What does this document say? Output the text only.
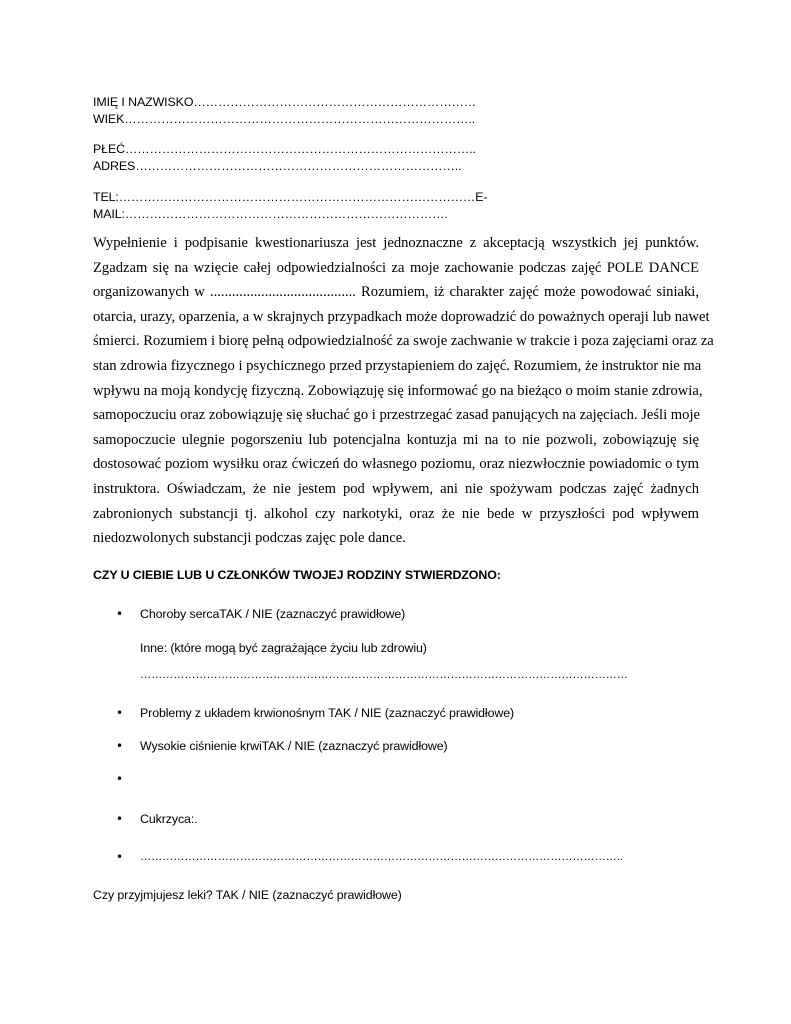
IMIĘ I NAZWISKO……………………………………………………………
WIEK…………………………………………………………………………..
PŁEĆ…………………………………………………………………………..
ADRES……………………………………………………………………..
TEL:……………………………………………………………………………E-
MAIL:…………………………………………………………………….
Wypełnienie i podpisanie kwestionariusza jest jednoznaczne z akceptacją wszystkich jej punktów.
Zgadzam się na wzięcie całej odpowiedzialności za moje zachowanie podczas zajęć POLE DANCE
organizowanych w ........................................ Rozumiem, iż charakter zajęć może powodować siniaki,
otarcia, urazy, oparzenia, a w skrajnych przypadkach może doprowadzić do poważnych operaji lub nawet
śmierci. Rozumiem i biorę pełną odpowiedzialność za swoje zachwanie w trakcie i poza zajęciami oraz za
stan zdrowia fizycznego i psychicznego przed przystapieniem do zajęć. Rozumiem, że instruktor nie ma
wpływu na moją kondycję fizyczną. Zobowiązuję się informować go na bieżąco o moim stanie zdrowia,
samopoczuciu oraz zobowiązuję się słuchać go i przestrzegać zasad panujących na zajęciach. Jeśli moje
samopoczucie ulegnie pogorszeniu lub potencjalna kontuzja mi na to nie pozwoli, zobowiązuję się
dostosować poziom wysiłku oraz ćwiczeń do własnego poziomu, oraz niezwłocznie powiadomic o tym
instruktora. Oświadczam, że nie jestem pod wpływem, ani nie spożywam podczas zajęć żadnych
zabronionych substancji tj. alkohol czy narkotyki, oraz że nie bede w przyszłości pod wpływem
niedozwolonych substancji podczas zajęc pole dance.
CZY U CIEBIE LUB U CZŁONKÓW TWOJEJ RODZINY STWIERDZONO:
• Choroby sercaTAK / NIE (zaznaczyć prawidłowe)
Inne: (które mogą być zagrażające życiu lub zdrowiu)
……………………………………………………………………………………………………………………
• Problemy z układem krwionośnym TAK / NIE (zaznaczyć prawidłowe)
• Wysokie ciśnienie krwiTAK / NIE (zaznaczyć prawidłowe)
•
• Cukrzyca:.
• …………………………………………………………………………………………………………………..
Czy przyjmjujesz leki? TAK / NIE (zaznaczyć prawidłowe)
